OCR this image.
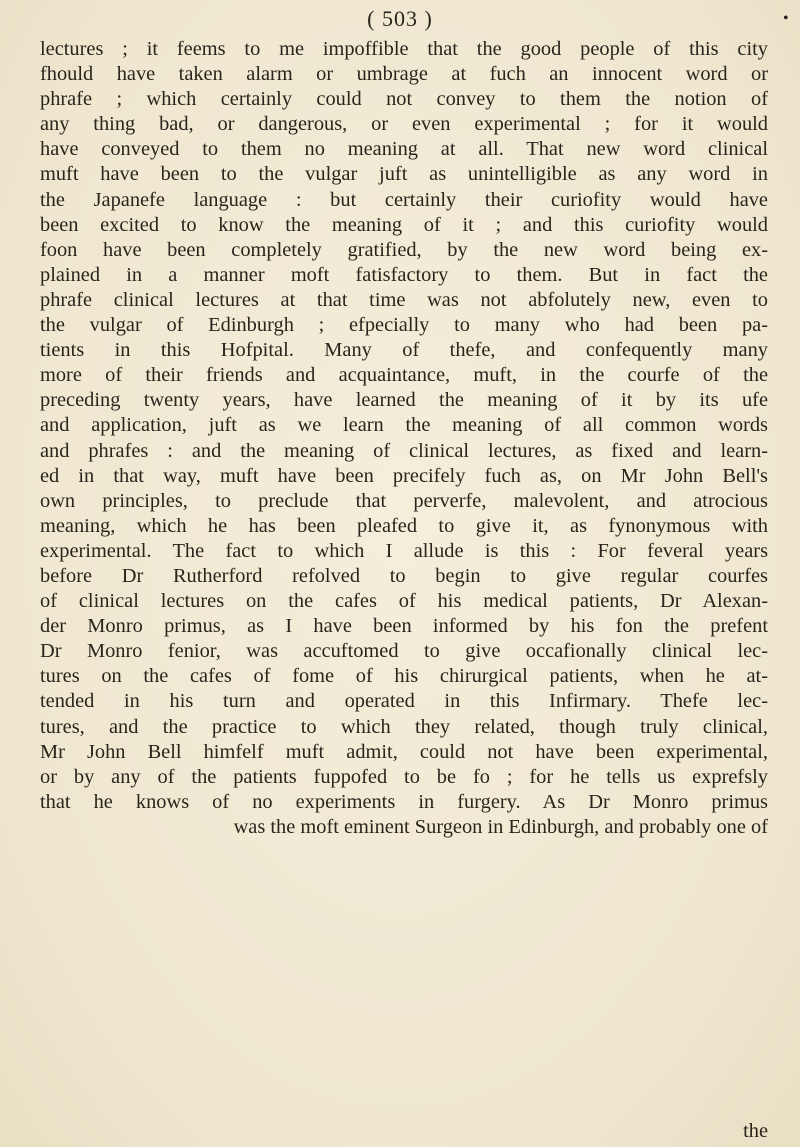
( 503 )	•
lectures ; it feems to me impoffible that the good people of this city
fhould have taken alarm or umbrage at fuch an innocent word or
phrafe ; which certainly could not convey to them the notion of
any thing bad, or dangerous, or even experimental ; for it would
have conveyed to them no meaning at all. That new word clinical
muft have been to the vulgar juft as unintelligible as any word in
the Japanefe language : but certainly their curiofity would have
been excited to know the meaning of it ; and this curiofity would
foon have been completely gratified, by the new word being ex-
plained in a manner moft fatisfactory to them. But in fact the
phrafe clinical lectures at that time was not abfolutely new, even to
the vulgar of Edinburgh ; efpecially to many who had been pa-
tients in this Hofpital. Many of thefe, and confequently many
more of their friends and acquaintance, muft, in the courfe of the
preceding twenty years, have learned the meaning of it by its ufe
and application, juft as we learn the meaning of all common words
and phrafes : and the meaning of clinical lectures, as fixed and learn-
ed in that way, muft have been precifely fuch as, on Mr John Bell's
own principles, to preclude that perverfe, malevolent, and atrocious
meaning, which he has been pleafed to give it, as fynonymous with
experimental. The fact to which I allude is this : For feveral years
before Dr Rutherford refolved to begin to give regular courfes
of clinical lectures on the cafes of his medical patients, Dr Alexan-
der Monro primus, as I have been informed by his fon the prefent
Dr Monro fenior, was accuftomed to give occafionally clinical lec-
tures on the cafes of fome of his chirurgical patients, when he at-
tended in his turn and operated in this Infirmary. Thefe lec-
tures, and the practice to which they related, though truly clinical,
Mr John Bell himfelf muft admit, could not have been experimental,
or by any of the patients fuppofed to be fo ; for he tells us exprefsly
that he knows of no experiments in furgery. As Dr Monro primus
was the moft eminent Surgeon in Edinburgh, and probably one of
the
